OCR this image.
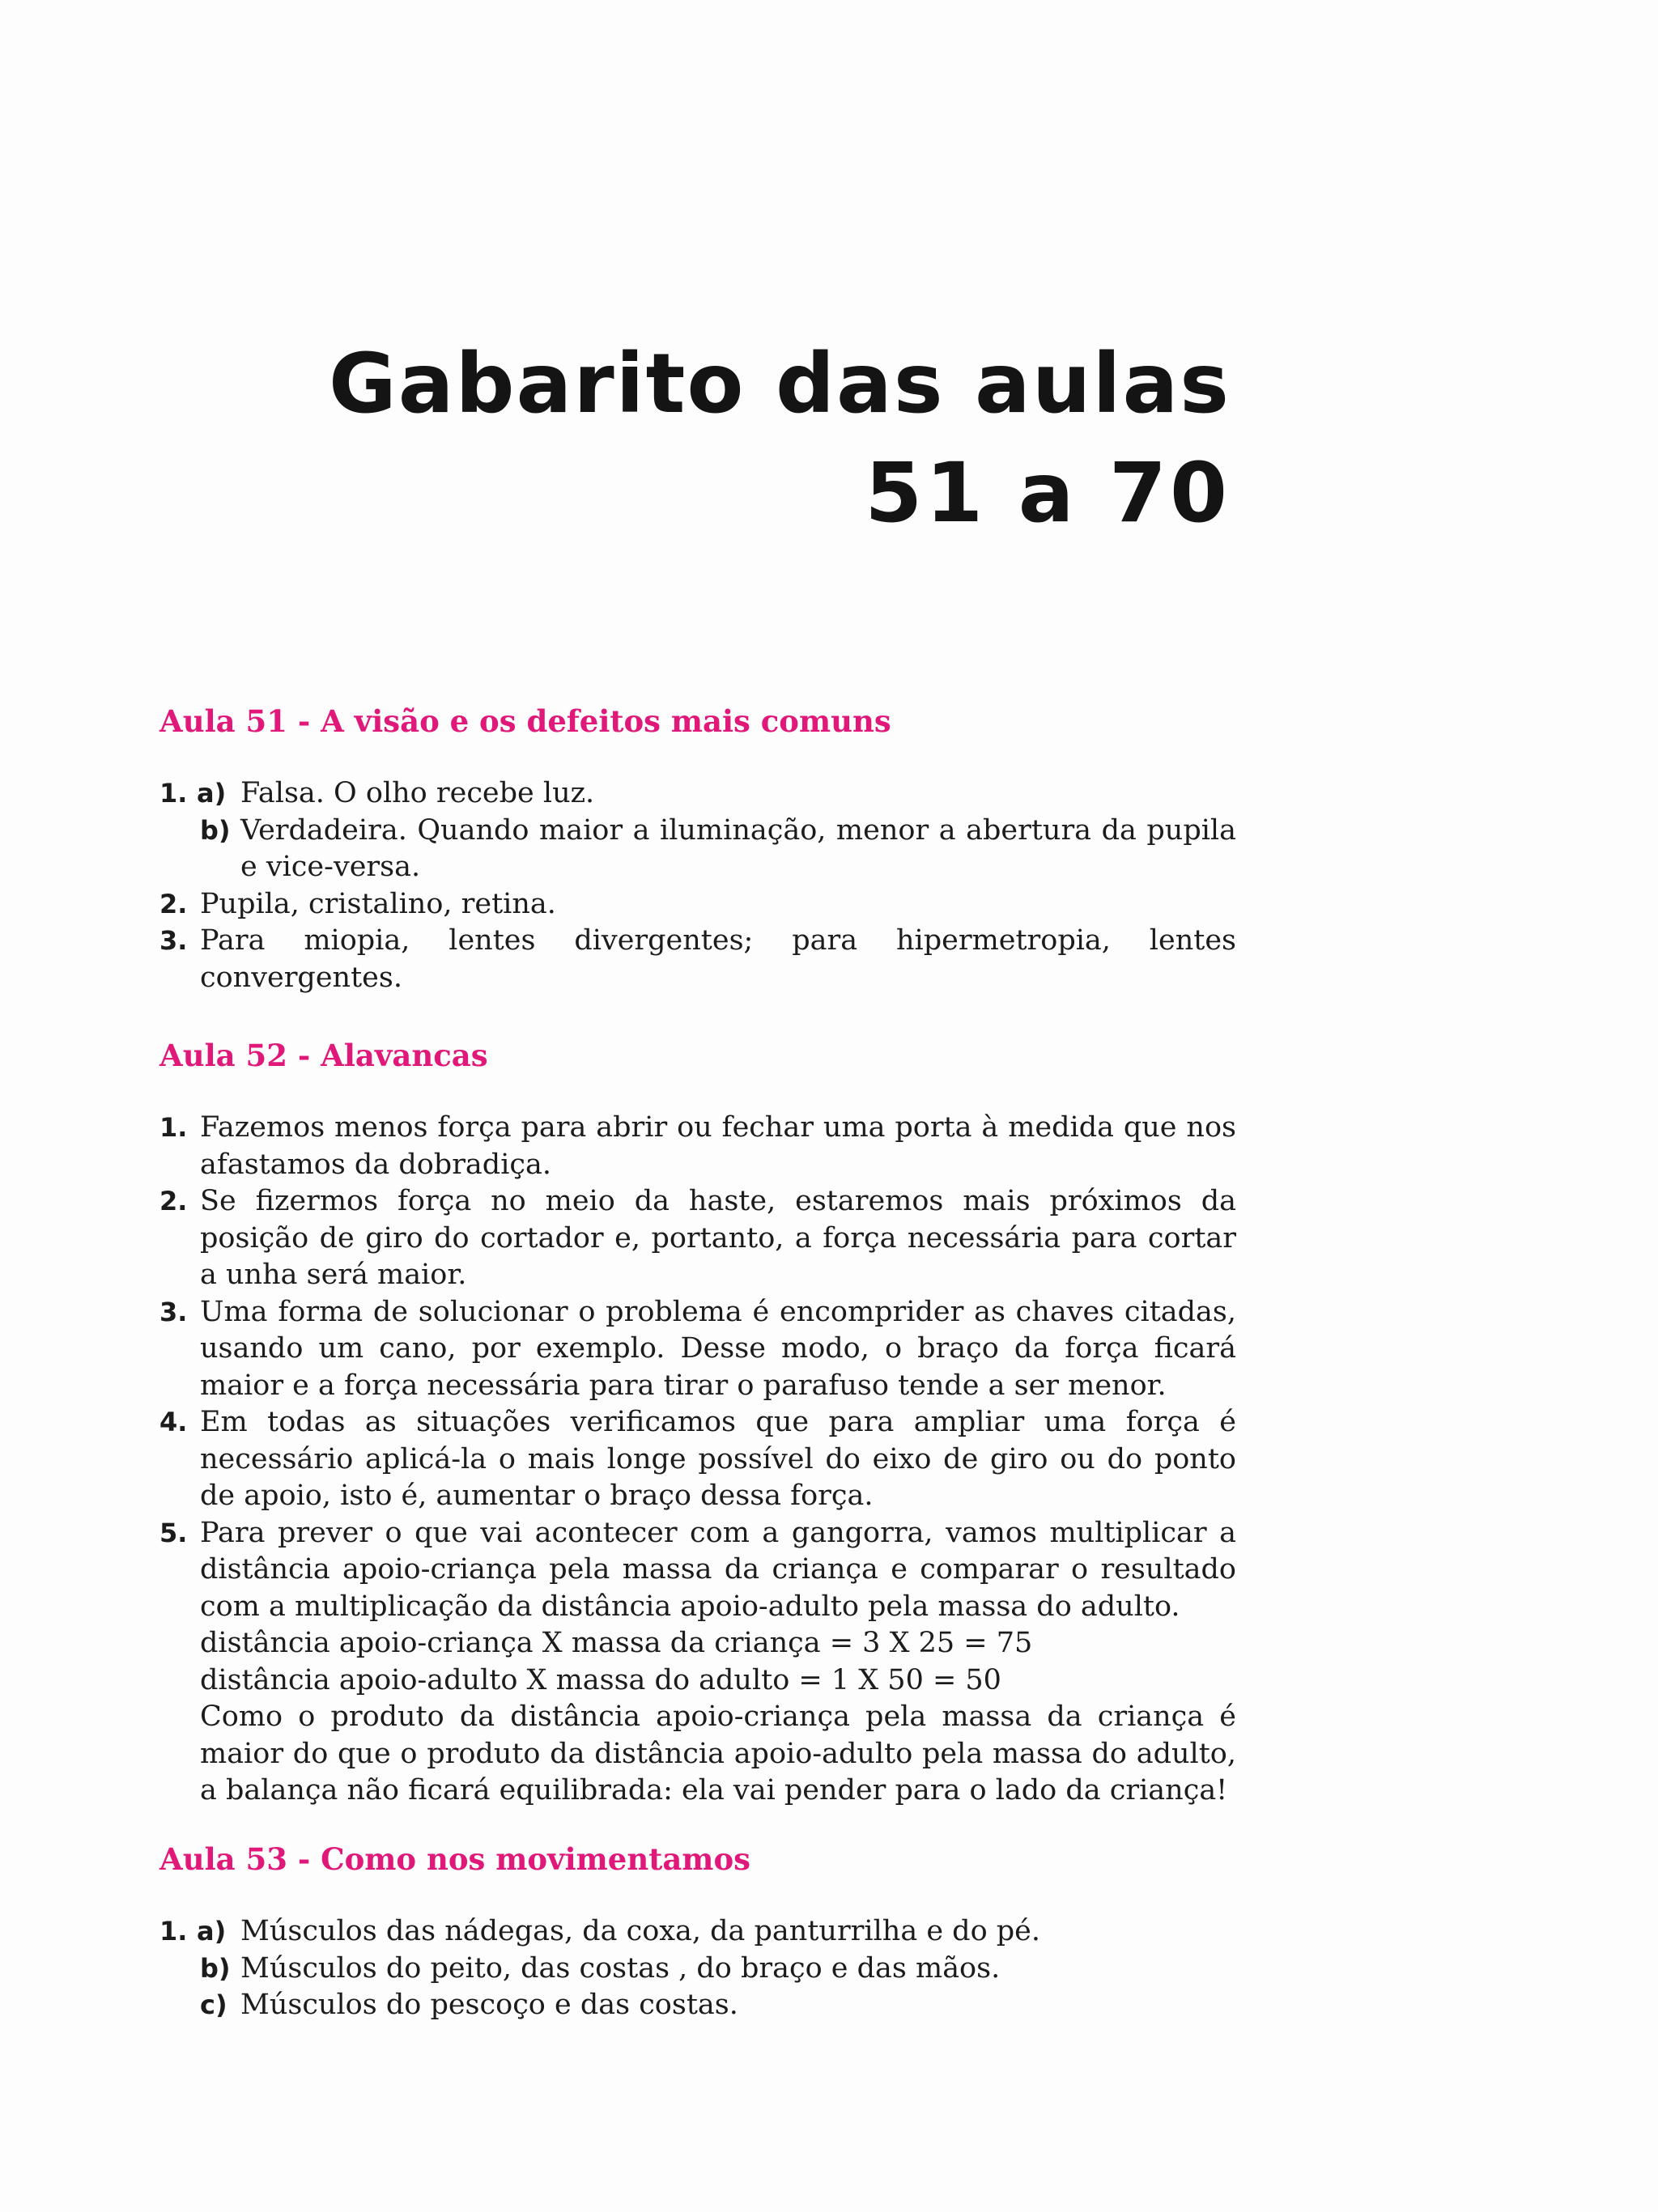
Gabarito das aulas
51 a 70
Aula 51 - A visão e os defeitos mais comuns
1. a) Falsa. O olho recebe luz.
b) Verdadeira. Quando maior a iluminação, menor a abertura da pupila e vice-versa.
2. Pupila, cristalino, retina.
3. Para miopia, lentes divergentes; para hipermetropia, lentes convergentes.
Aula 52 - Alavancas
1. Fazemos menos força para abrir ou fechar uma porta à medida que nos afastamos da dobradiça.
2. Se fizermos força no meio da haste, estaremos mais próximos da posição de giro do cortador e, portanto, a força necessária para cortar a unha será maior.
3. Uma forma de solucionar o problema é encomprider as chaves citadas, usando um cano, por exemplo. Desse modo, o braço da força ficará maior e a força necessária para tirar o parafuso tende a ser menor.
4. Em todas as situações verificamos que para ampliar uma força é necessário aplicá-la o mais longe possível do eixo de giro ou do ponto de apoio, isto é, aumentar o braço dessa força.
5. Para prever o que vai acontecer com a gangorra, vamos multiplicar a distância apoio-criança pela massa da criança e comparar o resultado com a multiplicação da distância apoio-adulto pela massa do adulto.
distância apoio-criança X massa da criança = 3 X 25 = 75
distância apoio-adulto X massa do adulto = 1 X 50 = 50
Como o produto da distância apoio-criança pela massa da criança é maior do que o produto da distância apoio-adulto pela massa do adulto, a balança não ficará equilibrada: ela vai pender para o lado da criança!
Aula 53 - Como nos movimentamos
1. a) Músculos das nádegas, da coxa, da panturrilha e do pé.
b) Músculos do peito, das costas , do braço e das mãos.
c) Músculos do pescoço e das costas.
